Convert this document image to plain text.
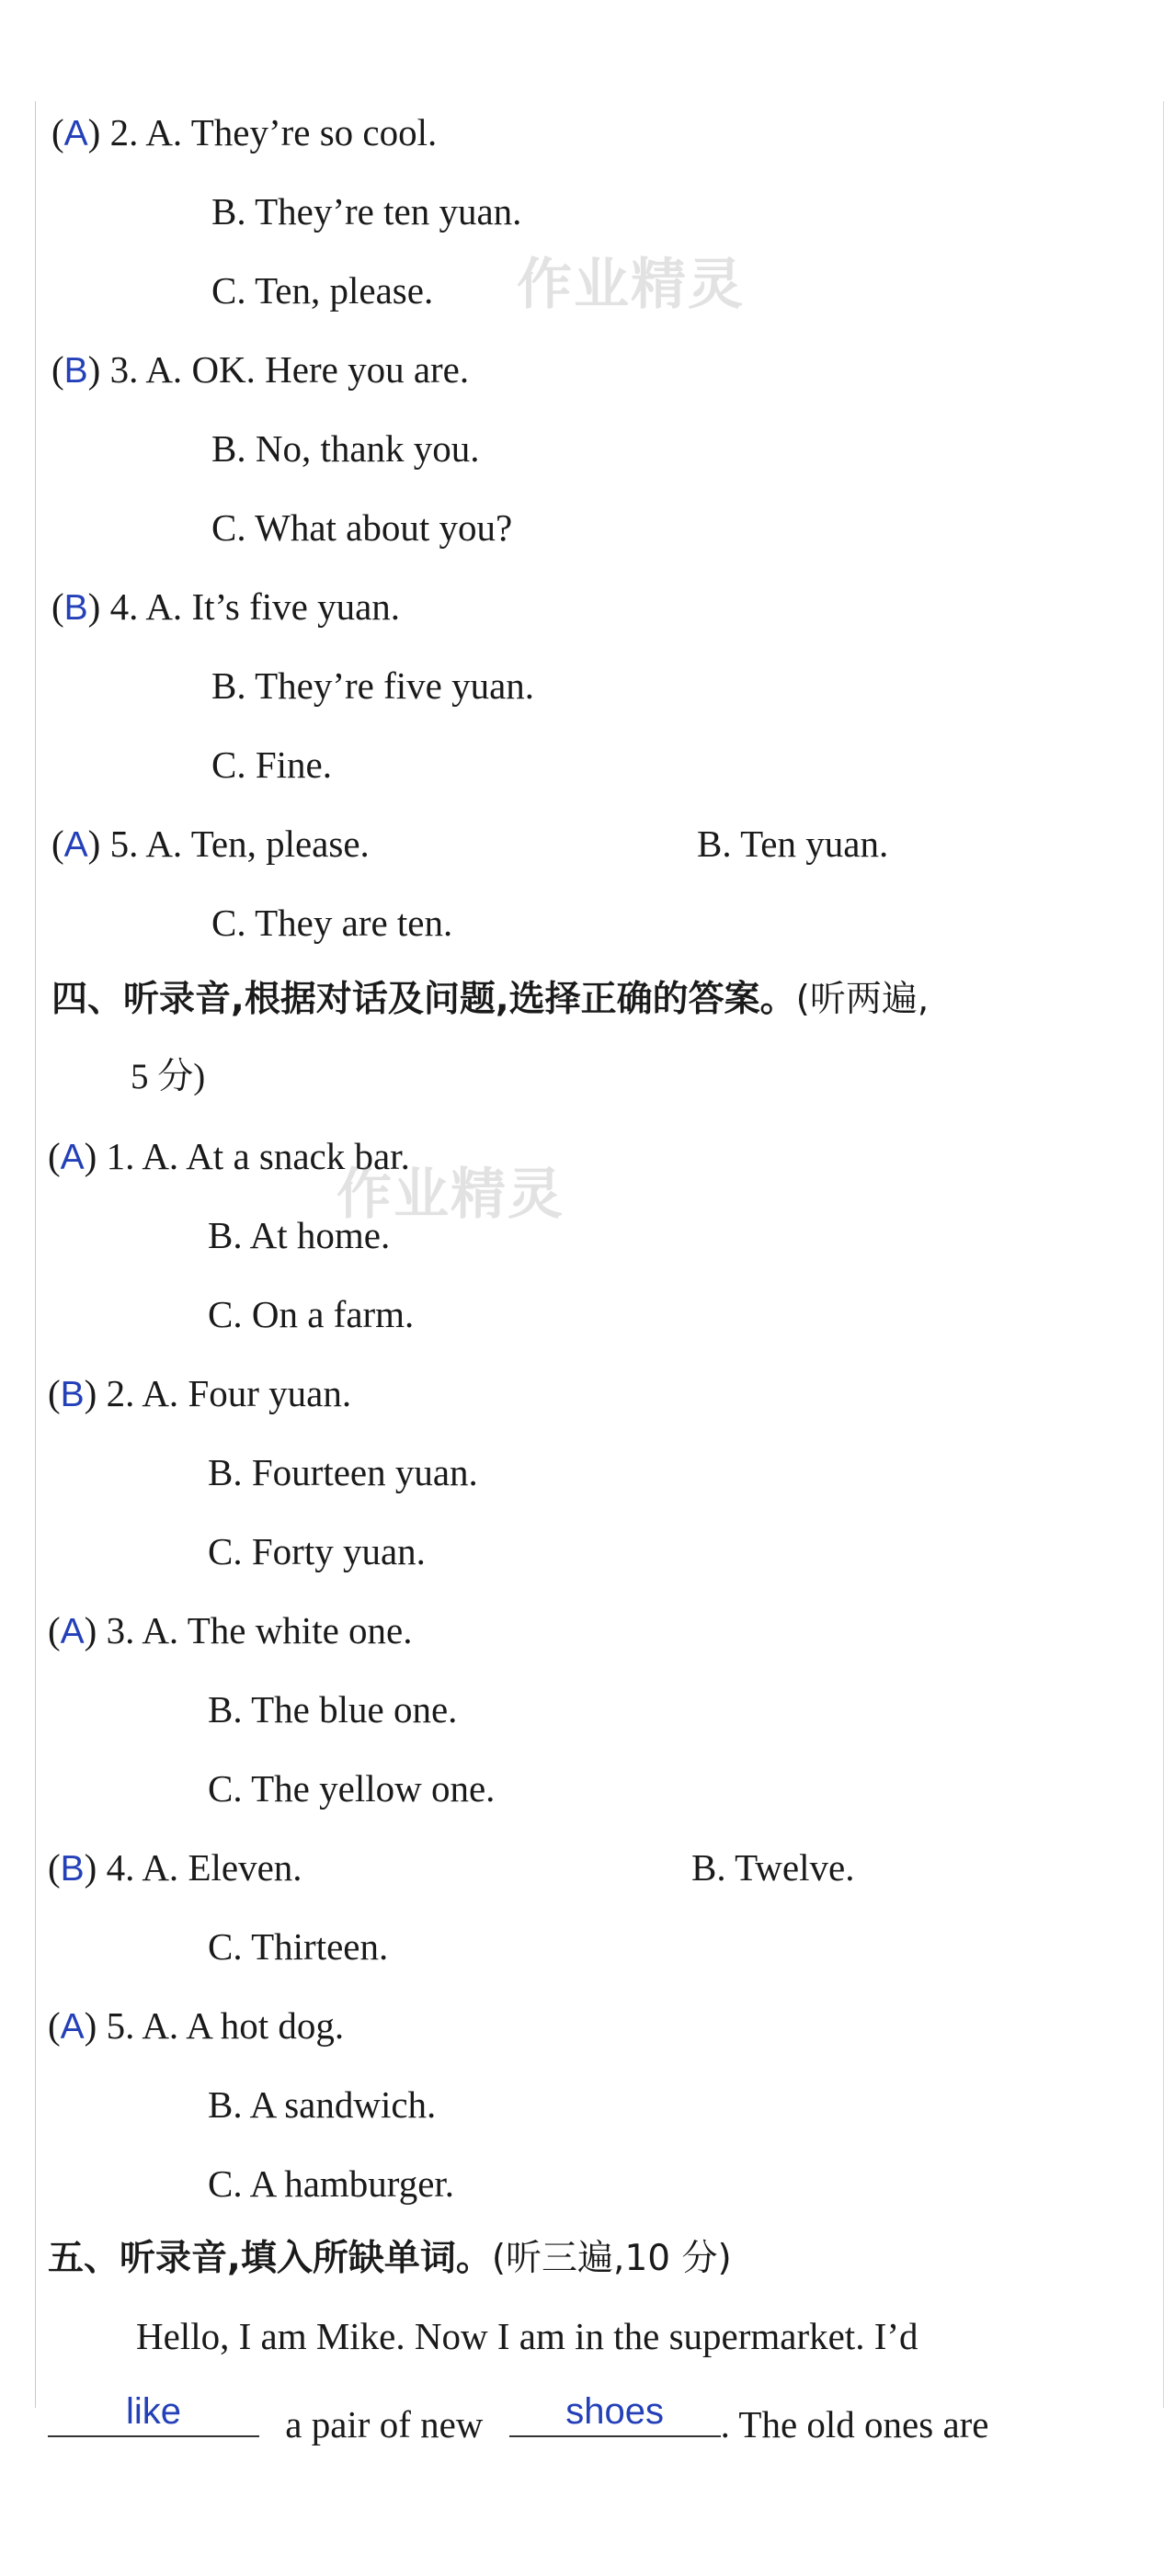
(A) 2. A. They’re so cool.
B. They’re ten yuan.
C. Ten, please.
(B) 3. A. OK. Here you are.
B. No, thank you.
C. What about you?
(B) 4. A. It’s five yuan.
B. They’re five yuan.
C. Fine.
(A) 5. A. Ten, please.	B. Ten yuan.
C. They are ten.
四、听录音,根据对话及问题,选择正确的答案。(听两遍,
5 分)
(A) 1. A. At a snack bar.
B. At home.
C. On a farm.
(B) 2. A. Four yuan.
B. Fourteen yuan.
C. Forty yuan.
(A) 3. A. The white one.
B. The blue one.
C. The yellow one.
(B) 4. A. Eleven.	B. Twelve.
C. Thirteen.
(A) 5. A. A hot dog.
B. A sandwich.
C. A hamburger.
五、听录音,填入所缺单词。(听三遍,10 分)
Hello, I am Mike. Now I am in the supermarket. I’d
like	a pair of new	shoes	. The old ones are
作业精灵
作业精灵
